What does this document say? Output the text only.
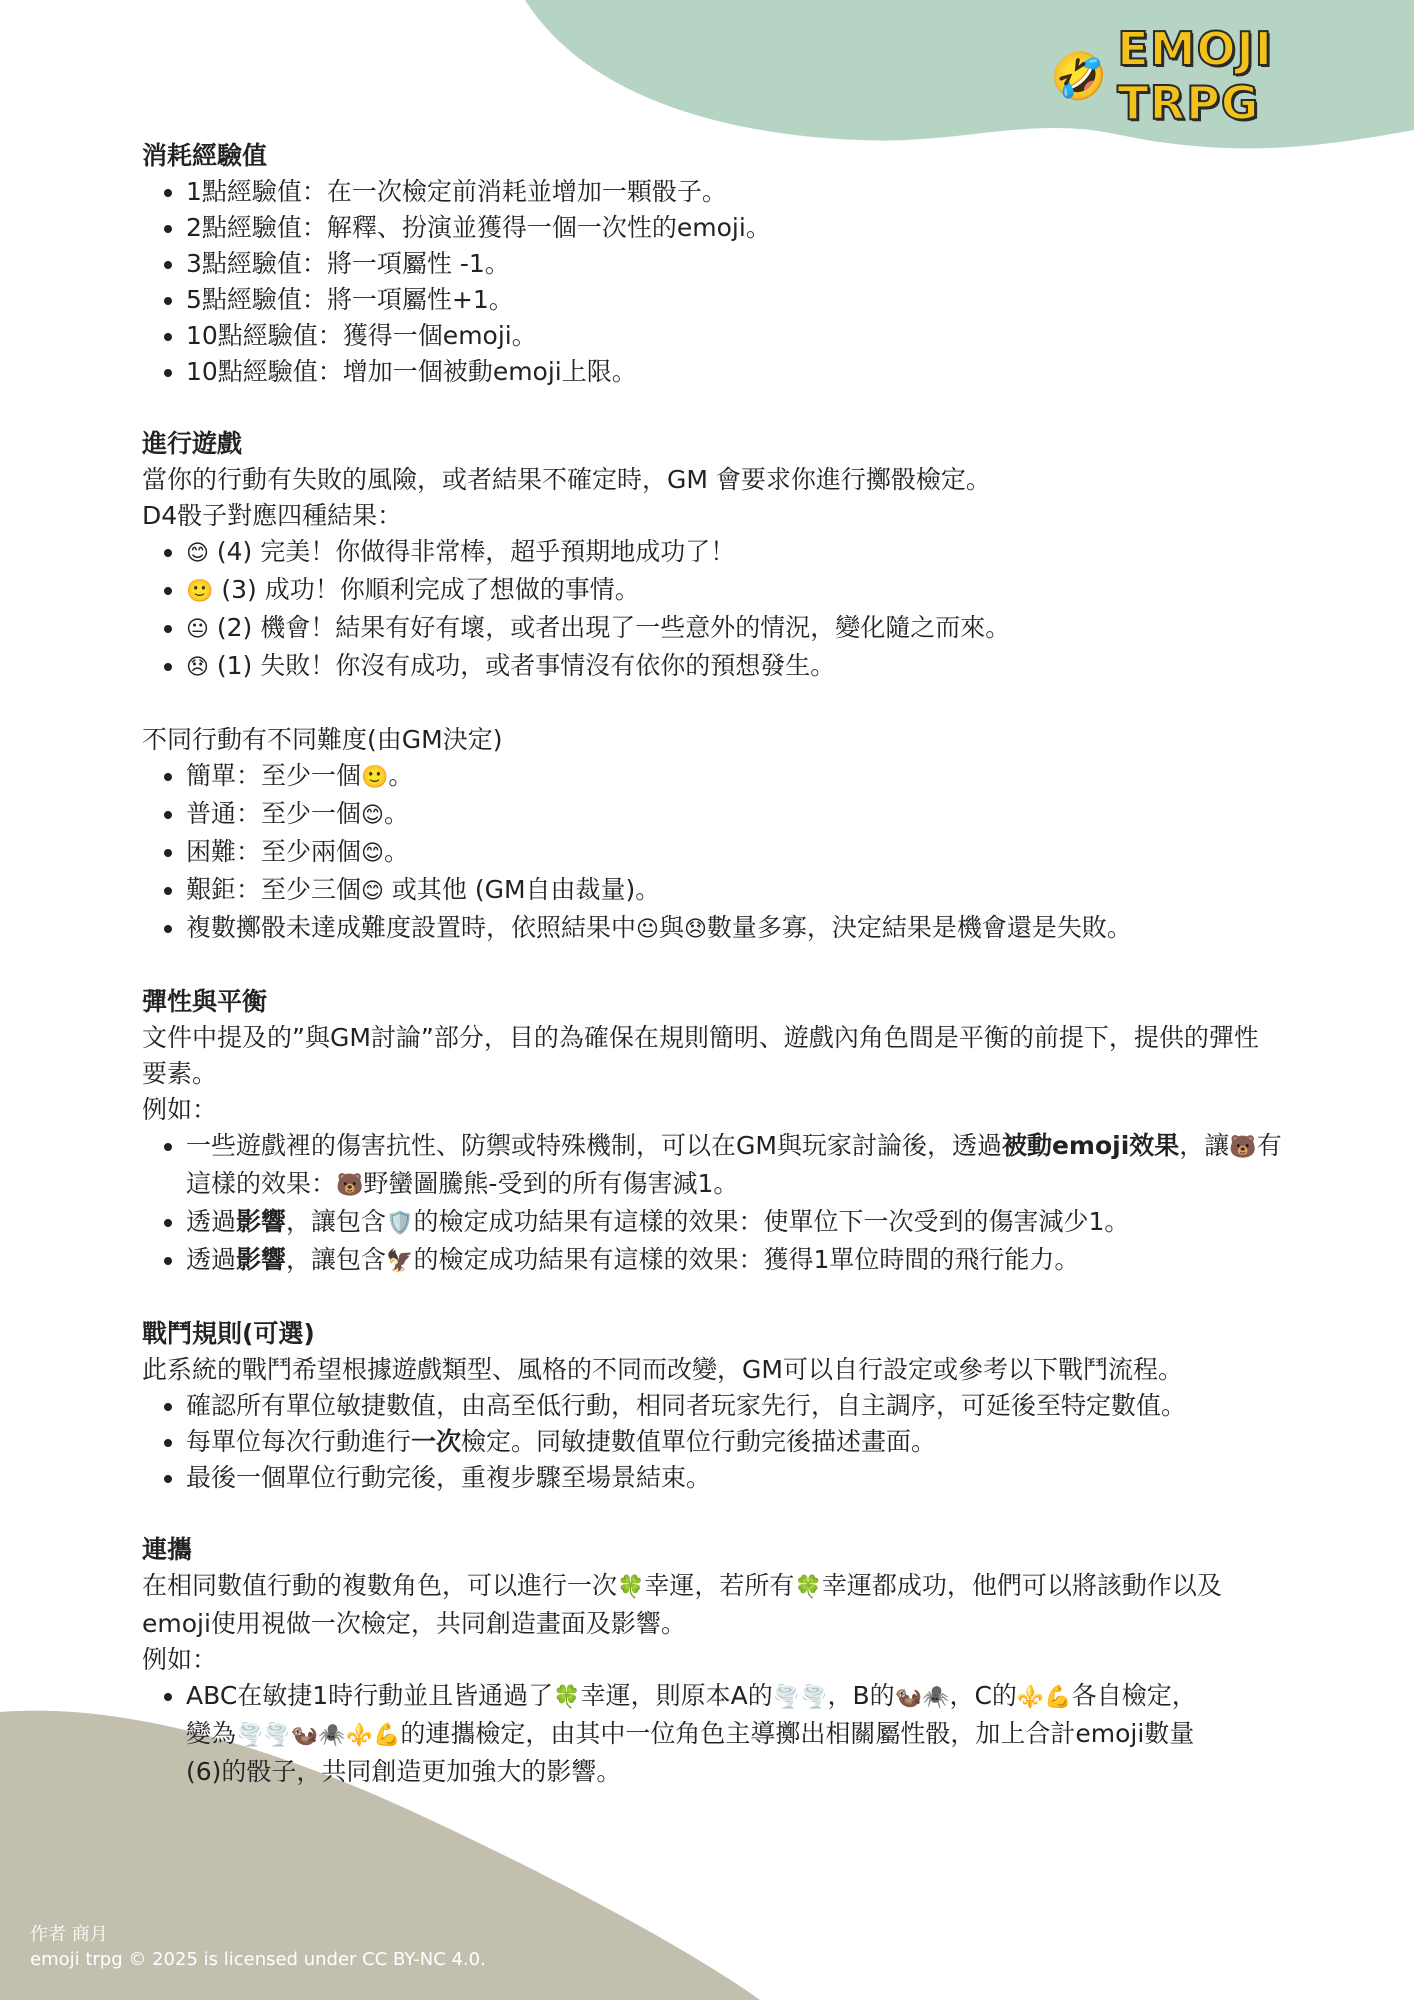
🤣 EMOJI TRPG

消耗經驗值

• 1點經驗值：在一次檢定前消耗並增加一顆骰子。
• 2點經驗值：解釋、扮演並獲得一個一次性的emoji。
• 3點經驗值：將一項屬性 -1。
• 5點經驗值：將一項屬性+1。
• 10點經驗值：獲得一個emoji。
• 10點經驗值：增加一個被動emoji上限。

進行遊戲

當你的行動有失敗的風險，或者結果不確定時，GM 會要求你進行擲骰檢定。

D4骰子對應四種結果：

• 😊 (4) 完美！你做得非常棒，超乎預期地成功了！
• 🙂 (3) 成功！你順利完成了想做的事情。
• 😐 (2) 機會！結果有好有壞，或者出現了一些意外的情況，變化隨之而來。
• 😞 (1) 失敗！你沒有成功，或者事情沒有依你的預想發生。

不同行動有不同難度(由GM決定)

• 簡單：至少一個🙂。
• 普通：至少一個😊。
• 困難：至少兩個😊。
• 艱鉅：至少三個😊 或其他 (GM自由裁量)。
• 複數擲骰未達成難度設置時，依照結果中😐與😞數量多寡，決定結果是機會還是失敗。

彈性與平衡

文件中提及的”與GM討論”部分，目的為確保在規則簡明、遊戲內角色間是平衡的前提下，提供的彈性要素。

例如：

• 一些遊戲裡的傷害抗性、防禦或特殊機制，可以在GM與玩家討論後，透過被動emoji效果，讓🐻有這樣的效果：🐻野蠻圖騰熊-受到的所有傷害減1。
• 透過影響，讓包含🛡️的檢定成功結果有這樣的效果：使單位下一次受到的傷害減少1。
• 透過影響，讓包含🦅的檢定成功結果有這樣的效果：獲得1單位時間的飛行能力。

戰鬥規則(可選)

此系統的戰鬥希望根據遊戲類型、風格的不同而改變，GM可以自行設定或參考以下戰鬥流程。

• 確認所有單位敏捷數值，由高至低行動，相同者玩家先行，自主調序，可延後至特定數值。
• 每單位每次行動進行一次檢定。同敏捷數值單位行動完後描述畫面。
• 最後一個單位行動完後，重複步驟至場景結束。

連攜

在相同數值行動的複數角色，可以進行一次🍀幸運，若所有🍀幸運都成功，他們可以將該動作以及emoji使用視做一次檢定，共同創造畫面及影響。

例如：

• ABC在敏捷1時行動並且皆通過了🍀幸運，則原本A的🌪️🌪️，B的🦦🕷️，C的⚜️💪各自檢定，變為🌪️🌪️🦦🕷️⚜️💪的連攜檢定，由其中一位角色主導擲出相關屬性骰，加上合計emoji數量(6)的骰子，共同創造更加強大的影響。
作者 商月
emoji trpg © 2025 is licensed under CC BY-NC 4.0.
